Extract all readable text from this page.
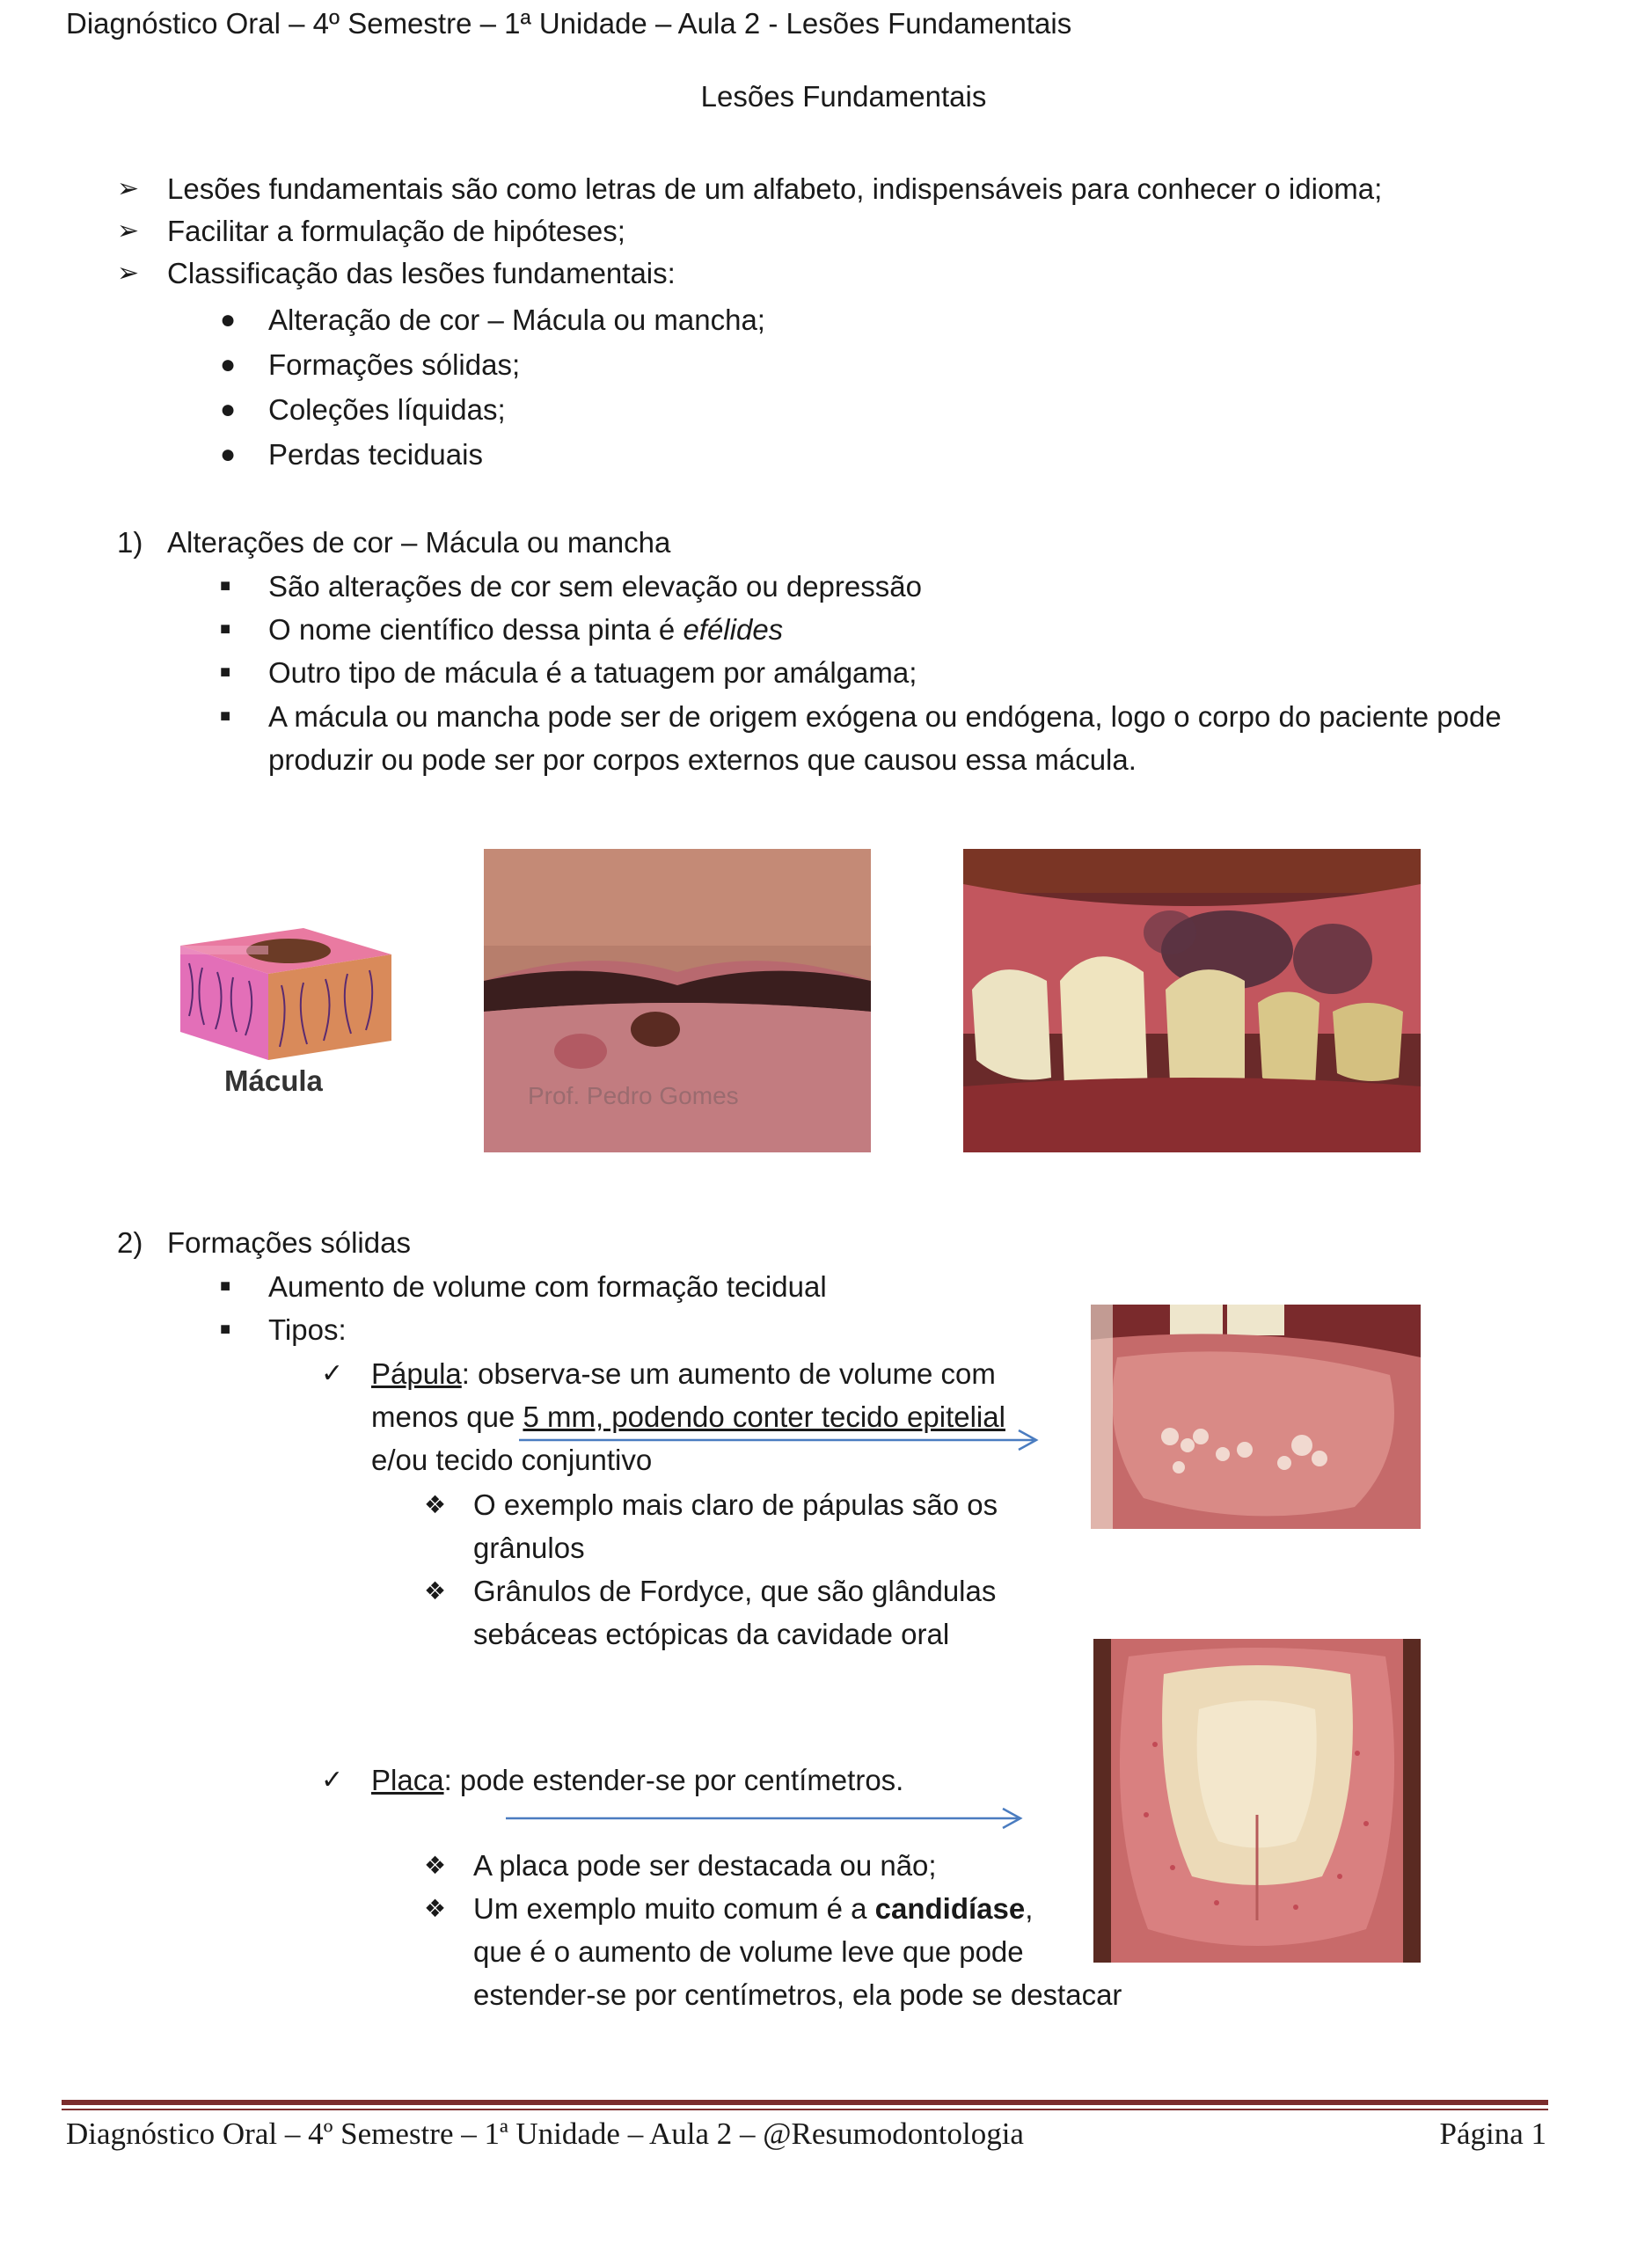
Diagnóstico Oral – 4º Semestre – 1ª Unidade – Aula 2 - Lesões Fundamentais
Lesões Fundamentais
➢ Lesões fundamentais são como letras de um alfabeto, indispensáveis para conhecer o idioma;
➢ Facilitar a formulação de hipóteses;
➢ Classificação das lesões fundamentais:
● Alteração de cor – Mácula ou mancha;
● Formações sólidas;
● Coleções líquidas;
● Perdas teciduais
1) Alterações de cor – Mácula ou mancha
■ São alterações de cor sem elevação ou depressão
■ O nome científico dessa pinta é efélides
■ Outro tipo de mácula é a tatuagem por amálgama;
■ A mácula ou mancha pode ser de origem exógena ou endógena, logo o corpo do paciente pode
produzir ou pode ser por corpos externos que causou essa mácula.
Mácula	Prof. Pedro Gomes
2) Formações sólidas
■ Aumento de volume com formação tecidual
■ Tipos:
✓ Pápula: observa-se um aumento de volume com
menos que 5 mm, podendo conter tecido epitelial
e/ou tecido conjuntivo
❖ O exemplo mais claro de pápulas são os
grânulos
❖ Grânulos de Fordyce, que são glândulas
sebáceas ectópicas da cavidade oral
✓ Placa: pode estender-se por centímetros.
❖ A placa pode ser destacada ou não;
❖ Um exemplo muito comum é a candidíase,
que é o aumento de volume leve que pode
estender-se por centímetros, ela pode se destacar
Diagnóstico Oral – 4º Semestre – 1ª Unidade – Aula 2 – @Resumodontologia	Página 1
